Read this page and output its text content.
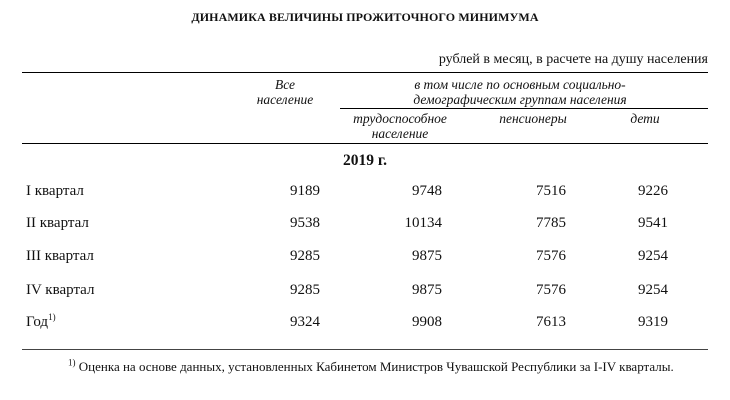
ДИНАМИКА ВЕЛИЧИНЫ ПРОЖИТОЧНОГО МИНИМУМА
рублей в месяц, в расчете на душу населения
Все
население
в том числе по основным социально-
демографическим группам населения
трудоспособное
население
пенсионеры	дети
2019 г.
I квартал	9189	9748	7516	9226
II квартал	9538	10134	7785	9541
III квартал	9285	9875	7576	9254
IV квартал	9285	9875	7576	9254
Год$^{1)}$	9324	9908	7613	9319
$^{1)}$ Оценка на основе данных, установленных Кабинетом Министров Чувашской Республики за I-IV кварталы.
